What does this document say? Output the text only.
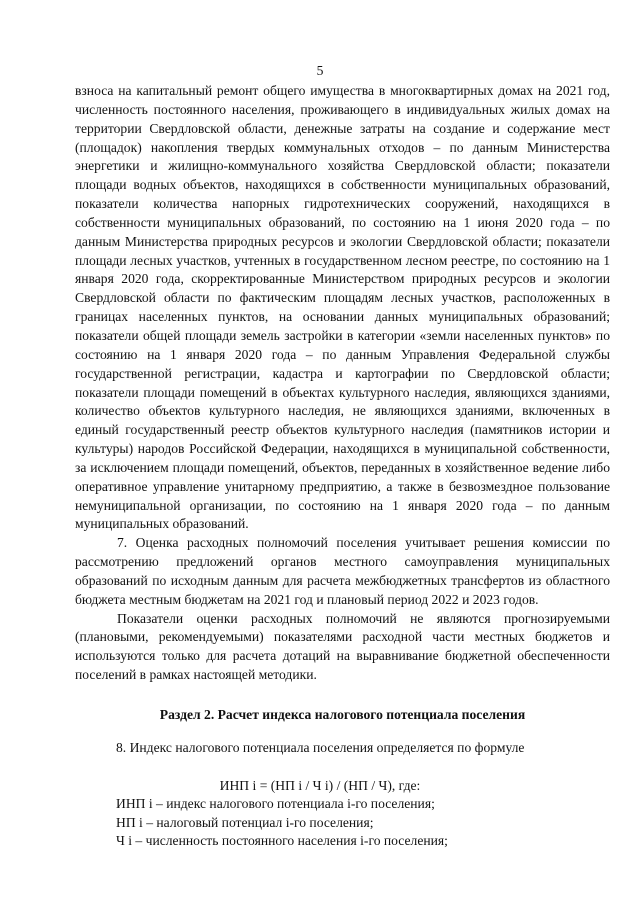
5

взноса на капитальный ремонт общего имущества в многоквартирных домах на 2021 год, численность постоянного населения, проживающего в индивидуальных жилых домах на территории Свердловской области, денежные затраты на создание и содержание мест (площадок) накопления твердых коммунальных отходов – по данным Министерства энергетики и жилищно-коммунального хозяйства Свердловской области; показатели площади водных объектов, находящихся в собственности муниципальных образований, показатели количества напорных гидротехнических сооружений, находящихся в собственности муниципальных образований, по состоянию на 1 июня 2020 года – по данным Министерства природных ресурсов и экологии Свердловской области; показатели площади лесных участков, учтенных в государственном лесном реестре, по состоянию на 1 января 2020 года, скорректированные Министерством природных ресурсов и экологии Свердловской области по фактическим площадям лесных участков, расположенных в границах населенных пунктов, на основании данных муниципальных образований; показатели общей площади земель застройки в категории «земли населенных пунктов» по состоянию на 1 января 2020 года – по данным Управления Федеральной службы государственной регистрации, кадастра и картографии по Свердловской области; показатели площади помещений в объектах культурного наследия, являющихся зданиями, количество объектов культурного наследия, не являющихся зданиями, включенных в единый государственный реестр объектов культурного наследия (памятников истории и культуры) народов Российской Федерации, находящихся в муниципальной собственности, за исключением площади помещений, объектов, переданных в хозяйственное ведение либо оперативное управление унитарному предприятию, а также в безвозмездное пользование немуниципальной организации, по состоянию на 1 января 2020 года – по данным муниципальных образований.

7. Оценка расходных полномочий поселения учитывает решения комиссии по рассмотрению предложений органов местного самоуправления муниципальных образований по исходным данным для расчета межбюджетных трансфертов из областного бюджета местным бюджетам на 2021 год и плановый период 2022 и 2023 годов.

Показатели оценки расходных полномочий не являются прогнозируемыми (плановыми, рекомендуемыми) показателями расходной части местных бюджетов и используются только для расчета дотаций на выравнивание бюджетной обеспеченности поселений в рамках настоящей методики.

Раздел 2. Расчет индекса налогового потенциала поселения
8. Индекс налогового потенциала поселения определяется по формуле
ИНП i = (НП i / Ч i) / (НП / Ч), где:
ИНП i – индекс налогового потенциала i-го поселения;
НП i – налоговый потенциал i-го поселения;
Ч i – численность постоянного населения i-го поселения;
